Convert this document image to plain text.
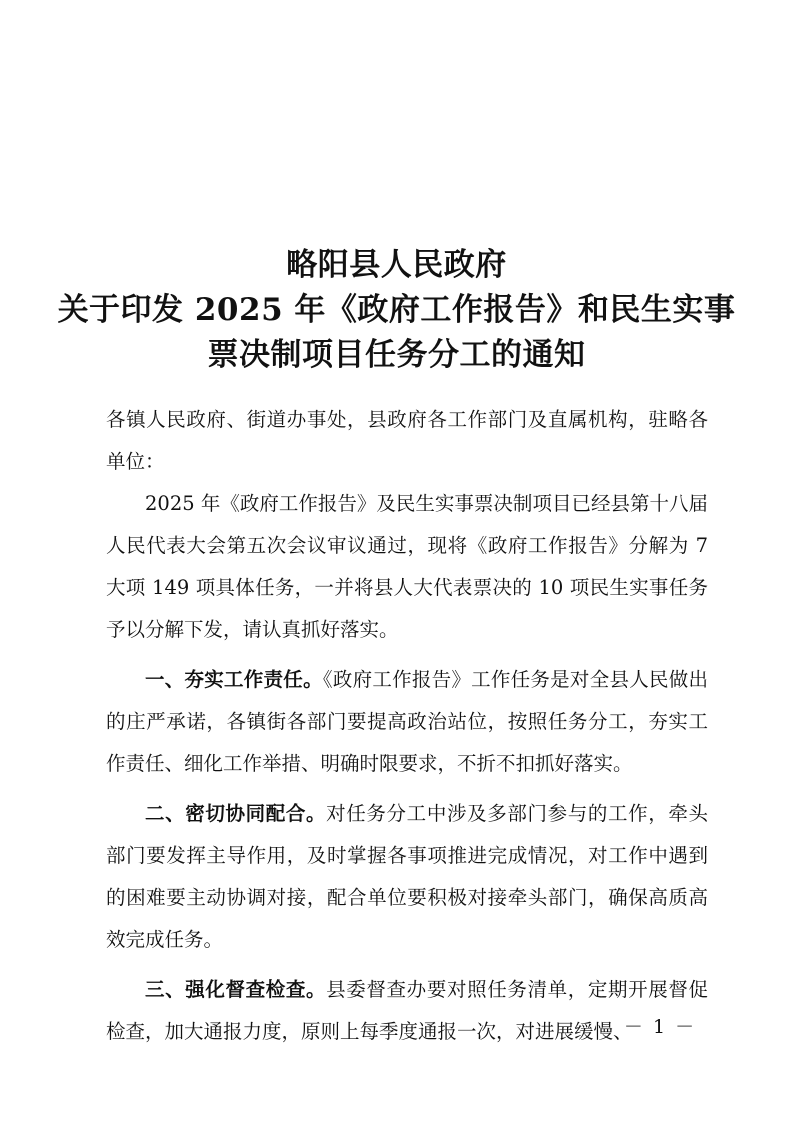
略阳县人民政府
关于印发 2025 年《政府工作报告》和民生实事
票决制项目任务分工的通知

各镇人民政府、街道办事处，县政府各工作部门及直属机构，驻略各单位：

2025 年《政府工作报告》及民生实事票决制项目已经县第十八届人民代表大会第五次会议审议通过，现将《政府工作报告》分解为 7 大项 149 项具体任务，一并将县人大代表票决的 10 项民生实事任务予以分解下发，请认真抓好落实。

一、夯实工作责任。《政府工作报告》工作任务是对全县人民做出的庄严承诺，各镇街各部门要提高政治站位，按照任务分工，夯实工作责任、细化工作举措、明确时限要求，不折不扣抓好落实。

二、密切协同配合。对任务分工中涉及多部门参与的工作，牵头部门要发挥主导作用，及时掌握各事项推进完成情况，对工作中遇到的困难要主动协调对接，配合单位要积极对接牵头部门，确保高质高效完成任务。

三、强化督查检查。县委督查办要对照任务清单，定期开展督促检查，加大通报力度，原则上每季度通报一次，对进展缓慢、

－ 1 －
